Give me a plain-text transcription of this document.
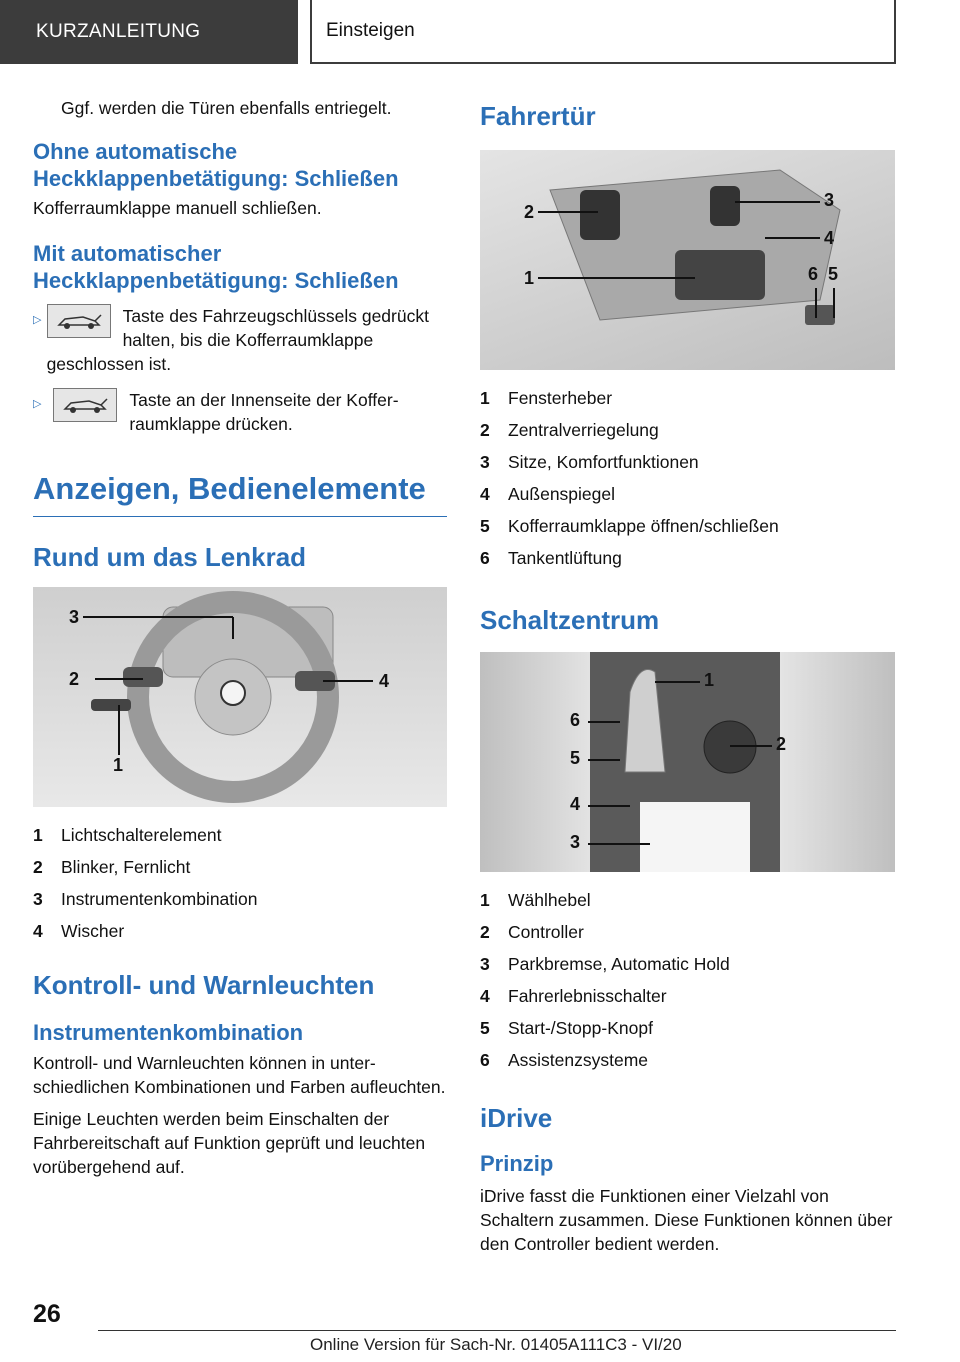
KURZANLEITUNG	Einsteigen

Ggf. werden die Türen ebenfalls entriegelt.

Ohne automatische Heckklappenbetätigung: Schließen

Kofferraumklappe manuell schließen.

Mit automatischer Heckklappenbetätigung: Schließen
▷	Taste des Fahrzeugschlüssels gedrückt halten, bis die Kofferraumklappe geschlossen ist.
▷	Taste an der Innenseite der Kofferraumklappe drücken.
Anzeigen, Bedienelemente
Rund um das Lenkrad
3
2	4
1
1	Lichtschalterelement
2	Blinker, Fernlicht
3	Instrumentenkombination
4	Wischer
Kontroll- und Warnleuchten
Instrumentenkombination

Kontroll- und Warnleuchten können in unterschiedlichen Kombinationen und Farben aufleuchten.

Einige Leuchten werden beim Einschalten der Fahrbereitschaft auf Funktion geprüft und leuchten vorübergehend auf.

Fahrertür
2
1
3
4
6 5
1	Fensterheber
2	Zentralverriegelung
3	Sitze, Komfortfunktionen
4	Außenspiegel
5	Kofferraumklappe öffnen/schließen
6	Tankentlüftung
Schaltzentrum
1
2
6
5
4
3
1	Wählhebel
2	Controller
3	Parkbremse, Automatic Hold
4	Fahrerlebnisschalter
5	Start-/Stopp-Knopf
6	Assistenzsysteme
iDrive
Prinzip

iDrive fasst die Funktionen einer Vielzahl von Schaltern zusammen. Diese Funktionen können über den Controller bedient werden.

26
Online Version für Sach-Nr. 01405A111C3 - VI/20
